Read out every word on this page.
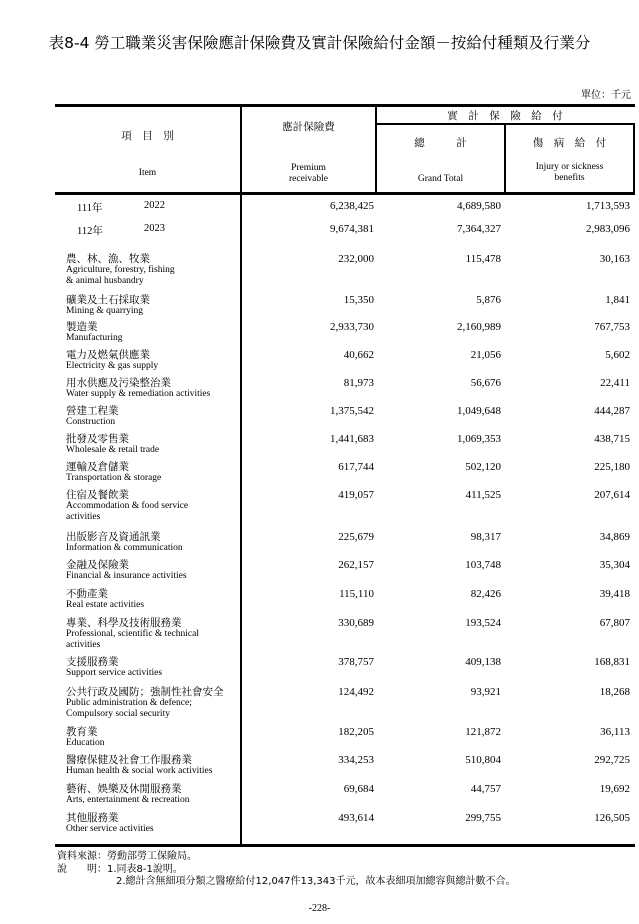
表8-4 勞工職業災害保險應計保險費及實計保險給付金額－按給付種類及行業分
單位：千元
項　目　別
Item
應計保險費
Premium
receivable
實　計　保　險　給　付
總　　　計
Grand Total
傷　病　給　付
Injury or sickness
benefits
111年	2022	6,238,425	4,689,580	1,713,593
112年	2023	9,674,381	7,364,327	2,983,096
農、林、漁、牧業
Agriculture, forestry, fishing
& animal husbandry
232,000	115,478	30,163
礦業及土石採取業
Mining & quarrying
15,350	5,876	1,841
製造業
Manufacturing
2,933,730	2,160,989	767,753
電力及燃氣供應業
Electricity & gas supply
40,662	21,056	5,602
用水供應及污染整治業
Water supply & remediation activities
81,973	56,676	22,411
營建工程業
Construction
1,375,542	1,049,648	444,287
批發及零售業
Wholesale & retail trade
1,441,683	1,069,353	438,715
運輸及倉儲業
Transportation & storage
617,744	502,120	225,180
住宿及餐飲業
Accommodation & food service
activities
419,057	411,525	207,614
出版影音及資通訊業
Information & communication
225,679	98,317	34,869
金融及保險業
Financial & insurance activities
262,157	103,748	35,304
不動產業
Real estate activities
115,110	82,426	39,418
專業、科學及技術服務業
Professional, scientific & technical
activities
330,689	193,524	67,807
支援服務業
Support service activities
378,757	409,138	168,831
公共行政及國防；強制性社會安全
Public administration & defence;
Compulsory social security
124,492	93,921	18,268
教育業
Education
182,205	121,872	36,113
醫療保健及社會工作服務業
Human health & social work activities
334,253	510,804	292,725
藝術、娛樂及休閒服務業
Arts, entertainment & recreation
69,684	44,757	19,692
其他服務業
Other service activities
493,614	299,755	126,505
資料來源：勞動部勞工保險局。
說　　明：1.同表8-1說明。
2.總計含無細項分類之醫療給付12,047件13,343千元，故本表細項加總容與總計數不合。
-228-
